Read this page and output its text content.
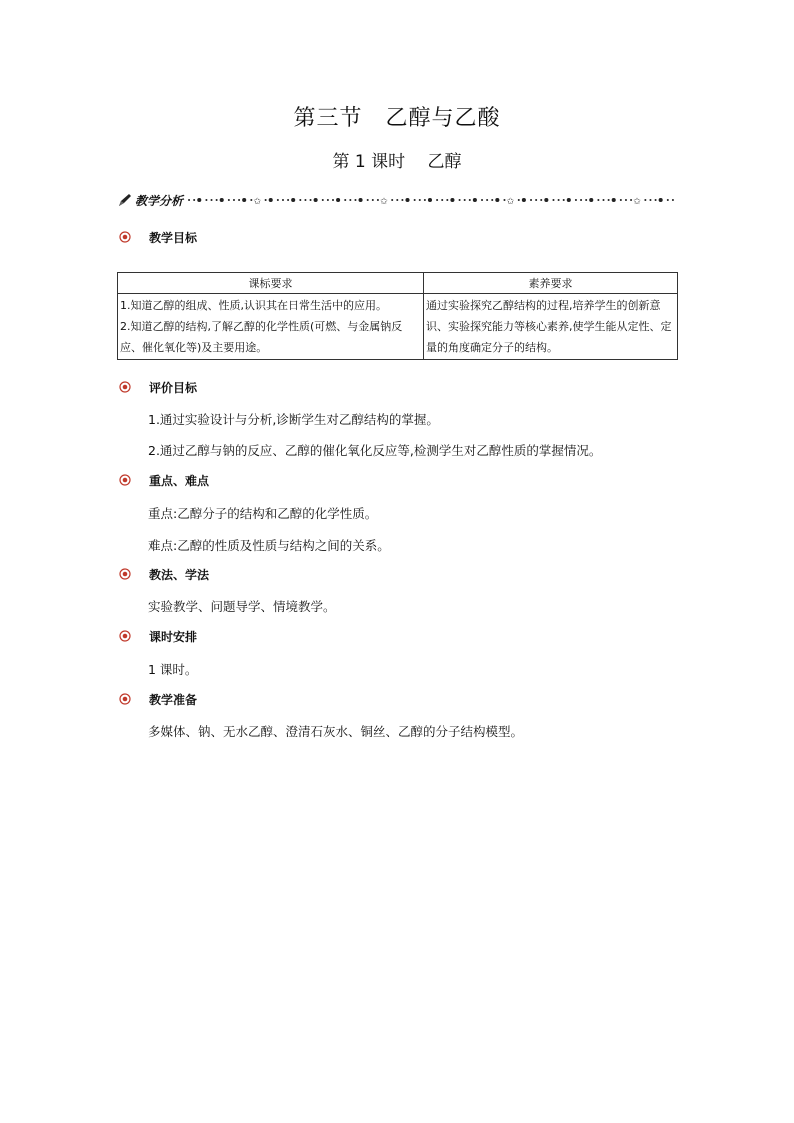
第三节　乙醇与乙酸
第 1 课时　 乙醇
教学分析	✩	✩	✩	✩
教学目标
课标要求	素养要求
1.知道乙醇的组成、性质,认识其在日常生活中的应用。
2.知道乙醇的结构,了解乙醇的化学性质(可燃、与金属钠反应、催化氧化等)及主要用途。	通过实验探究乙醇结构的过程,培养学生的创新意识、实验探究能力等核心素养,使学生能从定性、定量的角度确定分子的结构。
评价目标
1.通过实验设计与分析,诊断学生对乙醇结构的掌握。
2.通过乙醇与钠的反应、乙醇的催化氧化反应等,检测学生对乙醇性质的掌握情况。
重点、难点
重点:乙醇分子的结构和乙醇的化学性质。
难点:乙醇的性质及性质与结构之间的关系。
教法、学法
实验教学、问题导学、情境教学。
课时安排
1 课时。
教学准备
多媒体、钠、无水乙醇、澄清石灰水、铜丝、乙醇的分子结构模型。
